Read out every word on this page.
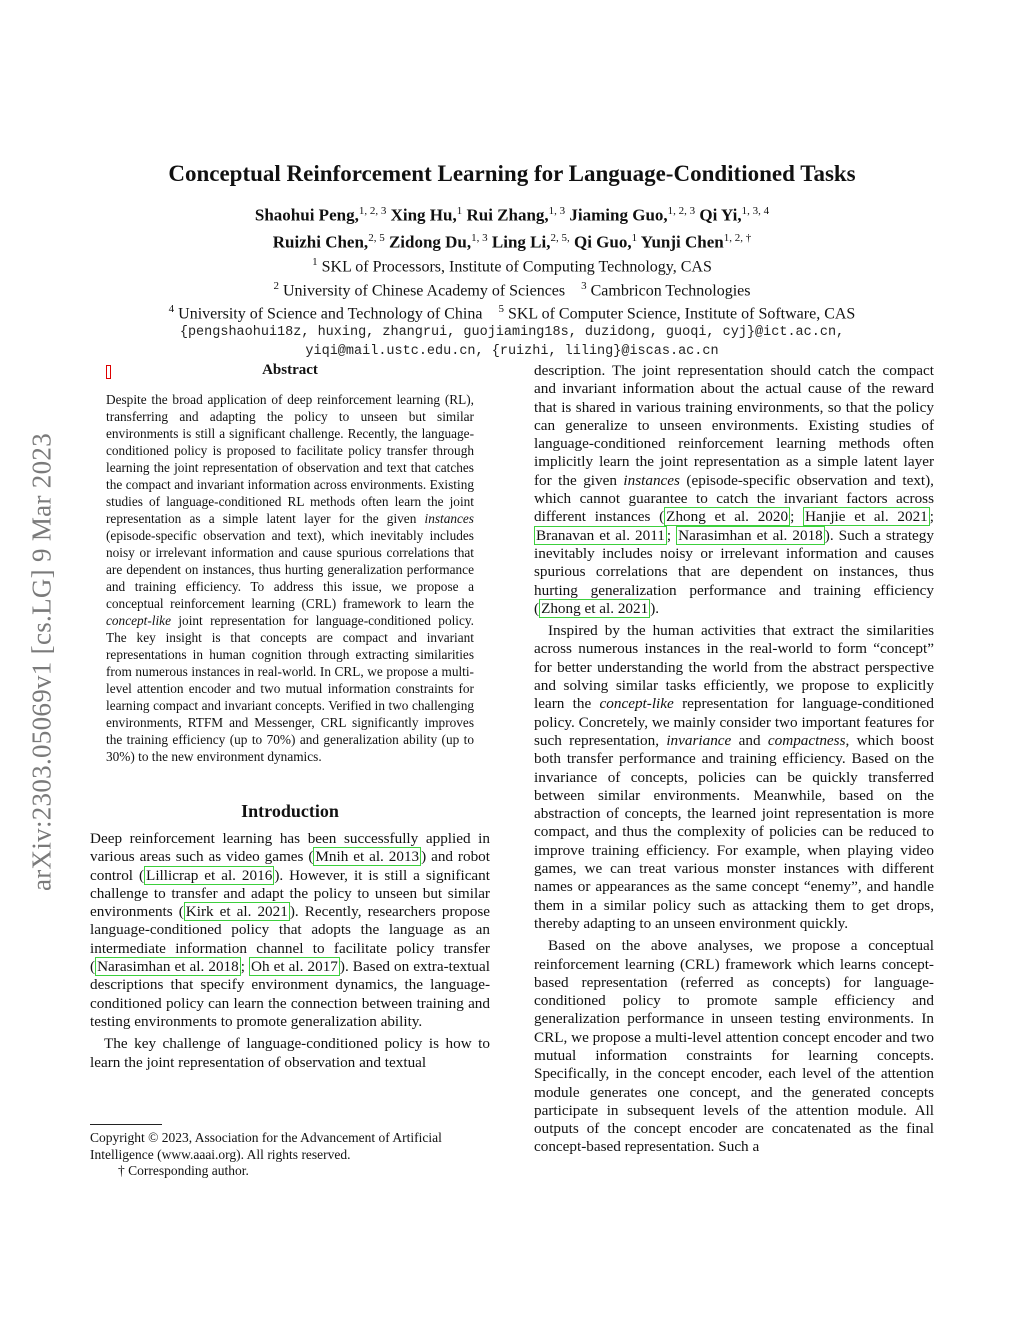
arXiv:2303.05069v1 [cs.LG] 9 Mar 2023
Conceptual Reinforcement Learning for Language-Conditioned Tasks
Shaohui Peng,$^{1, 2, 3}$ Xing Hu,$^1$ Rui Zhang,$^{1, 3}$ Jiaming Guo,$^{1, 2, 3}$ Qi Yi,$^{1, 3, 4}$
Ruizhi Chen,$^{2, 5}$ Zidong Du,$^{1, 3}$ Ling Li,$^{2, 5,}$ Qi Guo,$^1$ Yunji Chen$^{1, 2, \dagger}$
$^1$ SKL of Processors, Institute of Computing Technology, CAS
$^2$ University of Chinese Academy of Sciences $^3$ Cambricon Technologies
$^4$ University of Science and Technology of China $^5$ SKL of Computer Science, Institute of Software, CAS
{pengshaohui18z, huxing, zhangrui, guojiaming18s, duzidong, guoqi, cyj}@ict.ac.cn,
yiqi@mail.ustc.edu.cn, {ruizhi, liling}@iscas.ac.cn
Abstract

Despite the broad application of deep reinforcement learning (RL), transferring and adapting the policy to unseen but similar environments is still a significant challenge. Recently, the language-conditioned policy is proposed to facilitate policy transfer through learning the joint representation of observation and text that catches the compact and invariant information across environments. Existing studies of language-conditioned RL methods often learn the joint representation as a simple latent layer for the given instances (episode-specific observation and text), which inevitably includes noisy or irrelevant information and cause spurious correlations that are dependent on instances, thus hurting generalization performance and training efficiency. To address this issue, we propose a conceptual reinforcement learning (CRL) framework to learn the concept-like joint representation for language-conditioned policy. The key insight is that concepts are compact and invariant representations in human cognition through extracting similarities from numerous instances in real-world. In CRL, we propose a multi-level attention encoder and two mutual information constraints for learning compact and invariant concepts. Verified in two challenging environments, RTFM and Messenger, CRL significantly improves the training efficiency (up to 70%) and generalization ability (up to 30%) to the new environment dynamics.

Introduction

Deep reinforcement learning has been successfully applied in various areas such as video games ( Mnih et al. 2013 ) and robot control ( Lillicrap et al. 2016 ). However, it is still a significant challenge to transfer and adapt the policy to unseen but similar environments ( Kirk et al. 2021 ). Recently, researchers propose language-conditioned policy that adopts the language as an intermediate information channel to facilitate policy transfer ( Narasimhan et al. 2018 ; Oh et al. 2017 ). Based on extra-textual descriptions that specify environment dynamics, the language-conditioned policy can learn the connection between training and testing environments to promote generalization ability.

The key challenge of language-conditioned policy is how to learn the joint representation of observation and textual

description. The joint representation should catch the compact and invariant information about the actual cause of the reward that is shared in various training environments, so that the policy can generalize to unseen environments. Existing studies of language-conditioned reinforcement learning methods often implicitly learn the joint representation as a simple latent layer for the given instances (episode-specific observation and text), which cannot guarantee to catch the invariant factors across different instances ( Zhong et al. 2020 ; Hanjie et al. 2021 ; Branavan et al. 2011 ; Narasimhan et al. 2018 ). Such a strategy inevitably includes noisy or irrelevant information and causes spurious correlations that are dependent on instances, thus hurting generalization performance and training efficiency ( Zhong et al. 2021 ).

Inspired by the human activities that extract the similarities across numerous instances in the real-world to form “concept” for better understanding the world from the abstract perspective and solving similar tasks efficiently, we propose to explicitly learn the concept-like representation for language-conditioned policy. Concretely, we mainly consider two important features for such representation, invariance and compactness, which boost both transfer performance and training efficiency. Based on the invariance of concepts, policies can be quickly transferred between similar environments. Meanwhile, based on the abstraction of concepts, the learned joint representation is more compact, and thus the complexity of policies can be reduced to improve training efficiency. For example, when playing video games, we can treat various monster instances with different names or appearances as the same concept “enemy”, and handle them in a similar policy such as attacking them to get drops, thereby adapting to an unseen environment quickly.

Based on the above analyses, we propose a conceptual reinforcement learning (CRL) framework which learns concept-based representation (referred as concepts) for language-conditioned policy to promote sample efficiency and generalization performance in unseen testing environments. In CRL, we propose a multi-level attention concept encoder and two mutual information constraints for learning concepts. Specifically, in the concept encoder, each level of the attention module generates one concept, and the generated concepts participate in subsequent levels of the attention module. All outputs of the concept encoder are concatenated as the final concept-based representation. Such a

Copyright © 2023, Association for the Advancement of Artificial Intelligence (www.aaai.org). All rights reserved.

† Corresponding author.
